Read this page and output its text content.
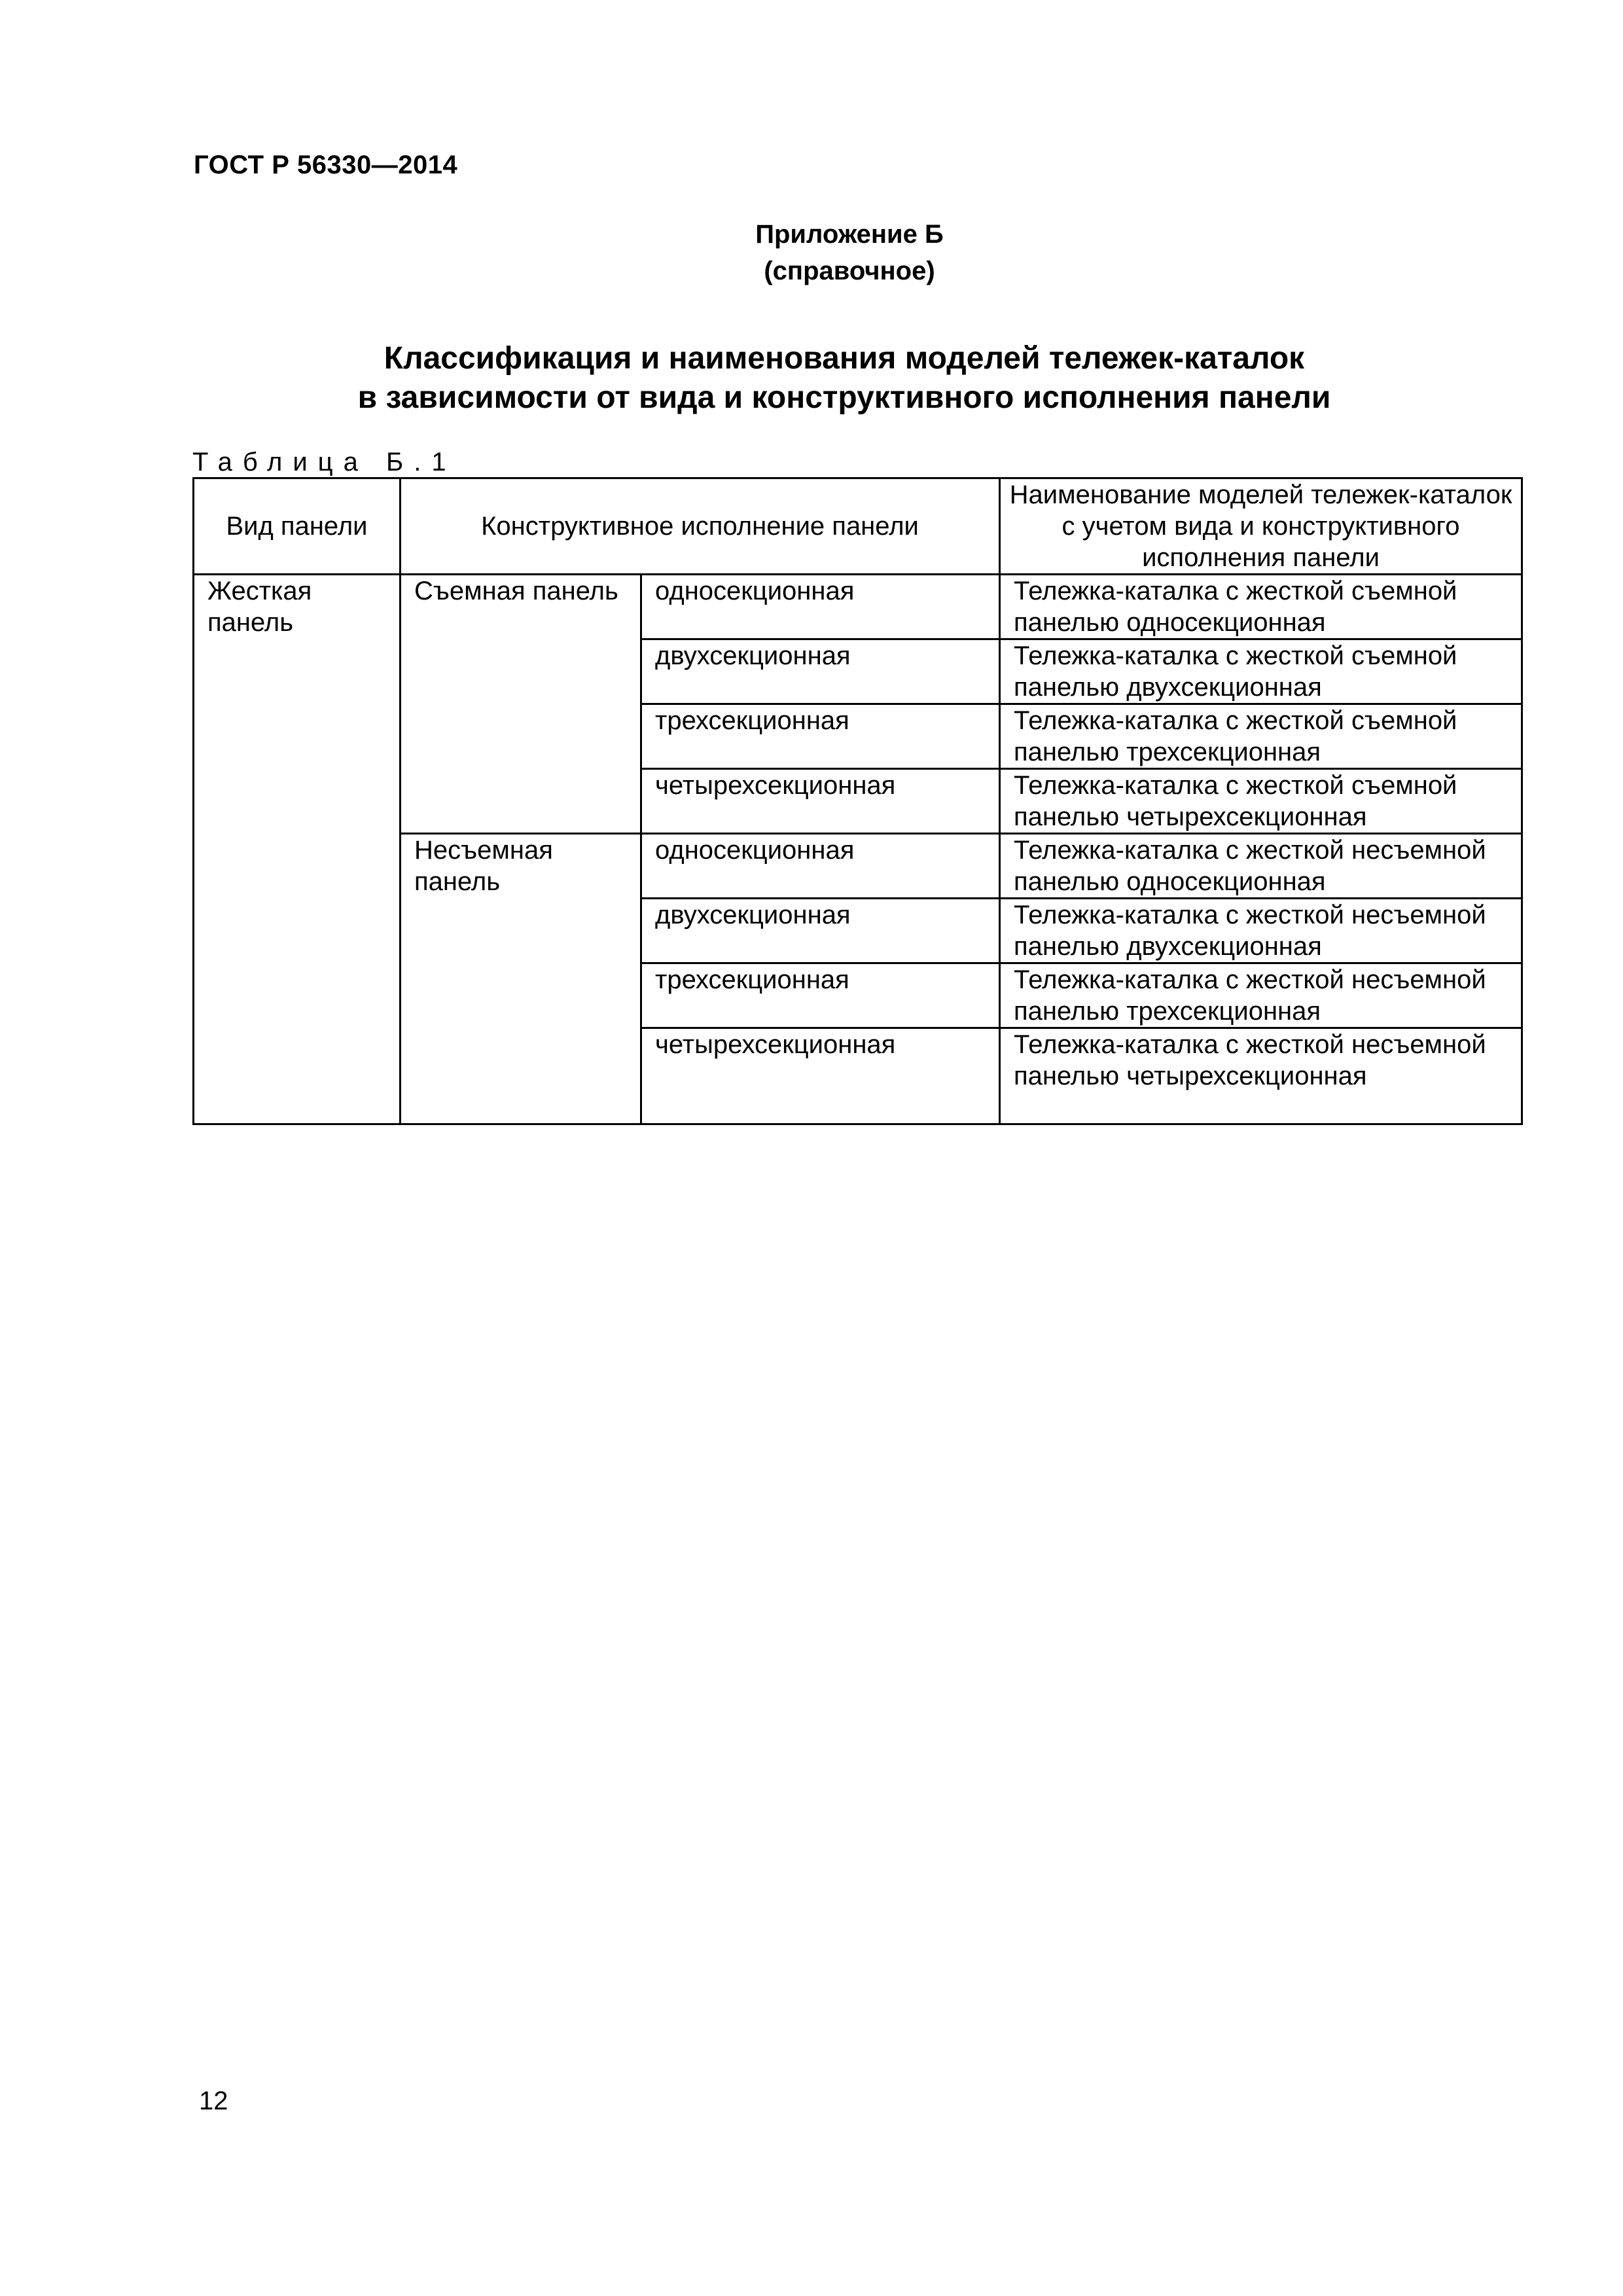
ГОСТ Р 56330—2014
Приложение Б
(справочное)
Классификация и наименования моделей тележек-каталок
в зависимости от вида и конструктивного исполнения панели
Таблица Б.1
Вид панели	Конструктивное исполнение панели		Наименование моделей тележек-каталок с учетом вида и конструктивного исполнения панели
Жесткая панель	Съемная панель	односекционная	Тележка-каталка с жесткой съемной панелью односекционная
		двухсекционная	Тележка-каталка с жесткой съемной панелью двухсекционная
		трехсекционная	Тележка-каталка с жесткой съемной панелью трехсекционная
		четырехсекционная	Тележка-каталка с жесткой съемной панелью четырехсекционная
	Несъемная панель	односекционная	Тележка-каталка с жесткой несъемной панелью односекционная
		двухсекционная	Тележка-каталка с жесткой несъемной панелью двухсекционная
		трехсекционная	Тележка-каталка с жесткой несъемной панелью трехсекционная
		четырехсекционная	Тележка-каталка с жесткой несъемной панелью четырехсекционная
12
